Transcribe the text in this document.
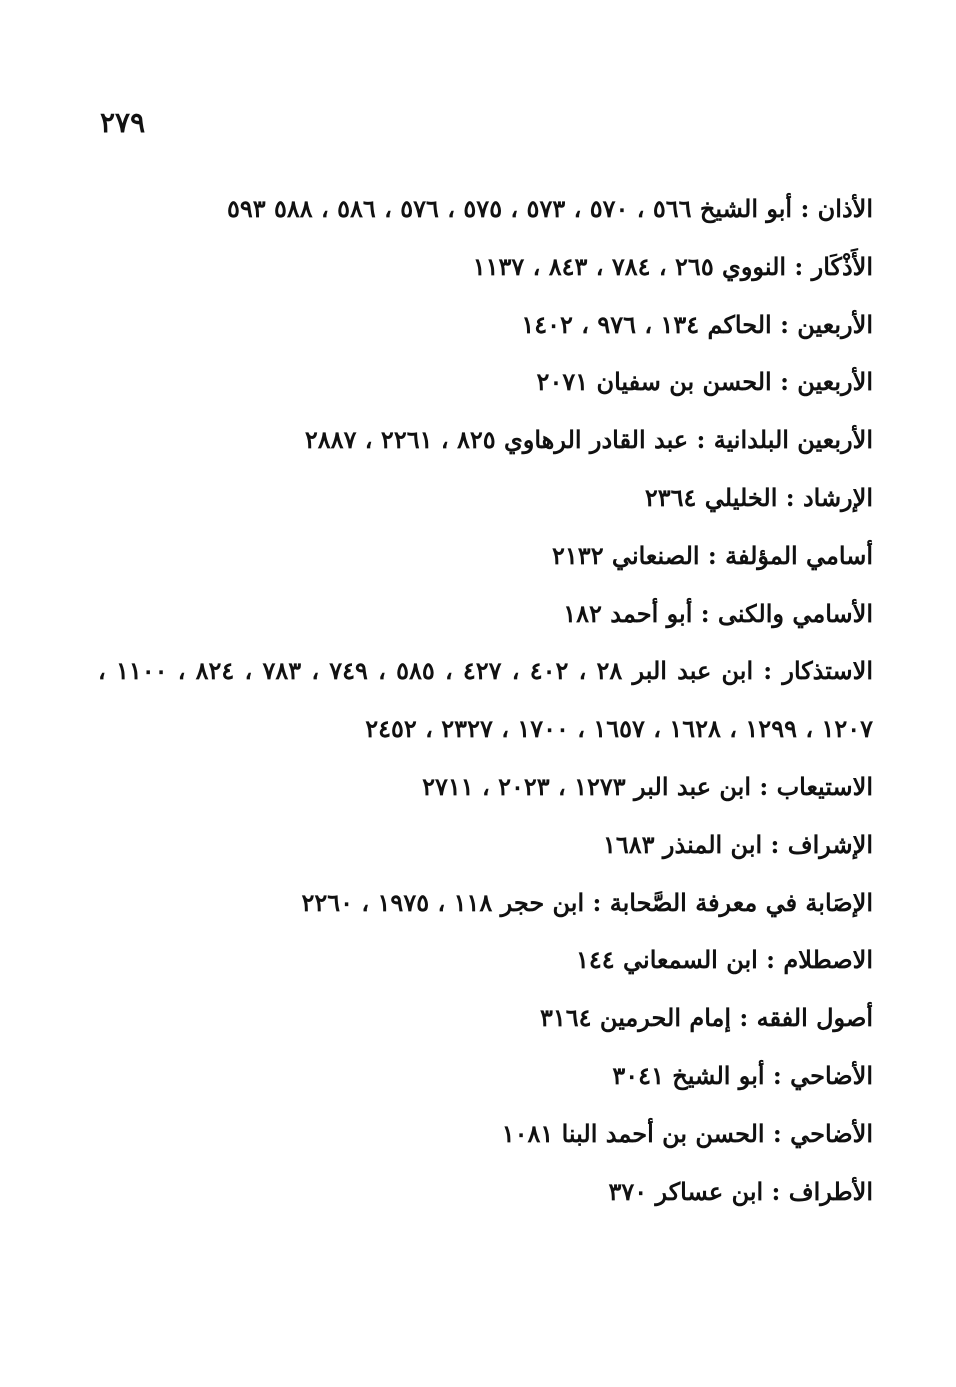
٢٧٩

الأذان : أبو الشيخ ٥٦٦ ، ٥٧٠ ، ٥٧٣ ، ٥٧٥ ، ٥٧٦ ، ٥٨٦ ، ٥٨٨ ٥٩٣

الأَذْكَار : النووي ٢٦٥ ، ٧٨٤ ، ٨٤٣ ، ١١٣٧

الأربعين : الحاكم ١٣٤ ، ٩٧٦ ، ١٤٠٢

الأربعين : الحسن بن سفيان ٢٠٧١

الأربعين البلدانية : عبد القادر الرهاوي ٨٢٥ ، ٢٢٦١ ، ٢٨٨٧

الإرشاد : الخليلي ٢٣٦٤

أسامي المؤلفة : الصنعاني ٢١٣٢

الأسامي والكنى : أبو أحمد ١٨٢

الاستذكار : ابن عبد البر ٢٨ ، ٤٠٢ ، ٤٢٧ ، ٥٨٥ ، ٧٤٩ ، ٧٨٣ ، ٨٢٤ ، ١١٠٠ ، ١٢٠٧ ، ١٢٩٩ ، ١٦٢٨ ، ١٦٥٧ ، ١٧٠٠ ، ٢٣٢٧ ، ٢٤٥٢

الاستيعاب : ابن عبد البر ١٢٧٣ ، ٢٠٢٣ ، ٢٧١١

الإشراف : ابن المنذر ١٦٨٣

الإصَابة في معرفة الصَّحابة : ابن حجر ١١٨ ، ١٩٧٥ ، ٢٢٦٠

الاصطلام : ابن السمعاني ١٤٤

أصول الفقه : إمام الحرمين ٣١٦٤

الأضاحي : أبو الشيخ ٣٠٤١

الأضاحي : الحسن بن أحمد البنا ١٠٨١

الأطراف : ابن عساكر ٣٧٠
